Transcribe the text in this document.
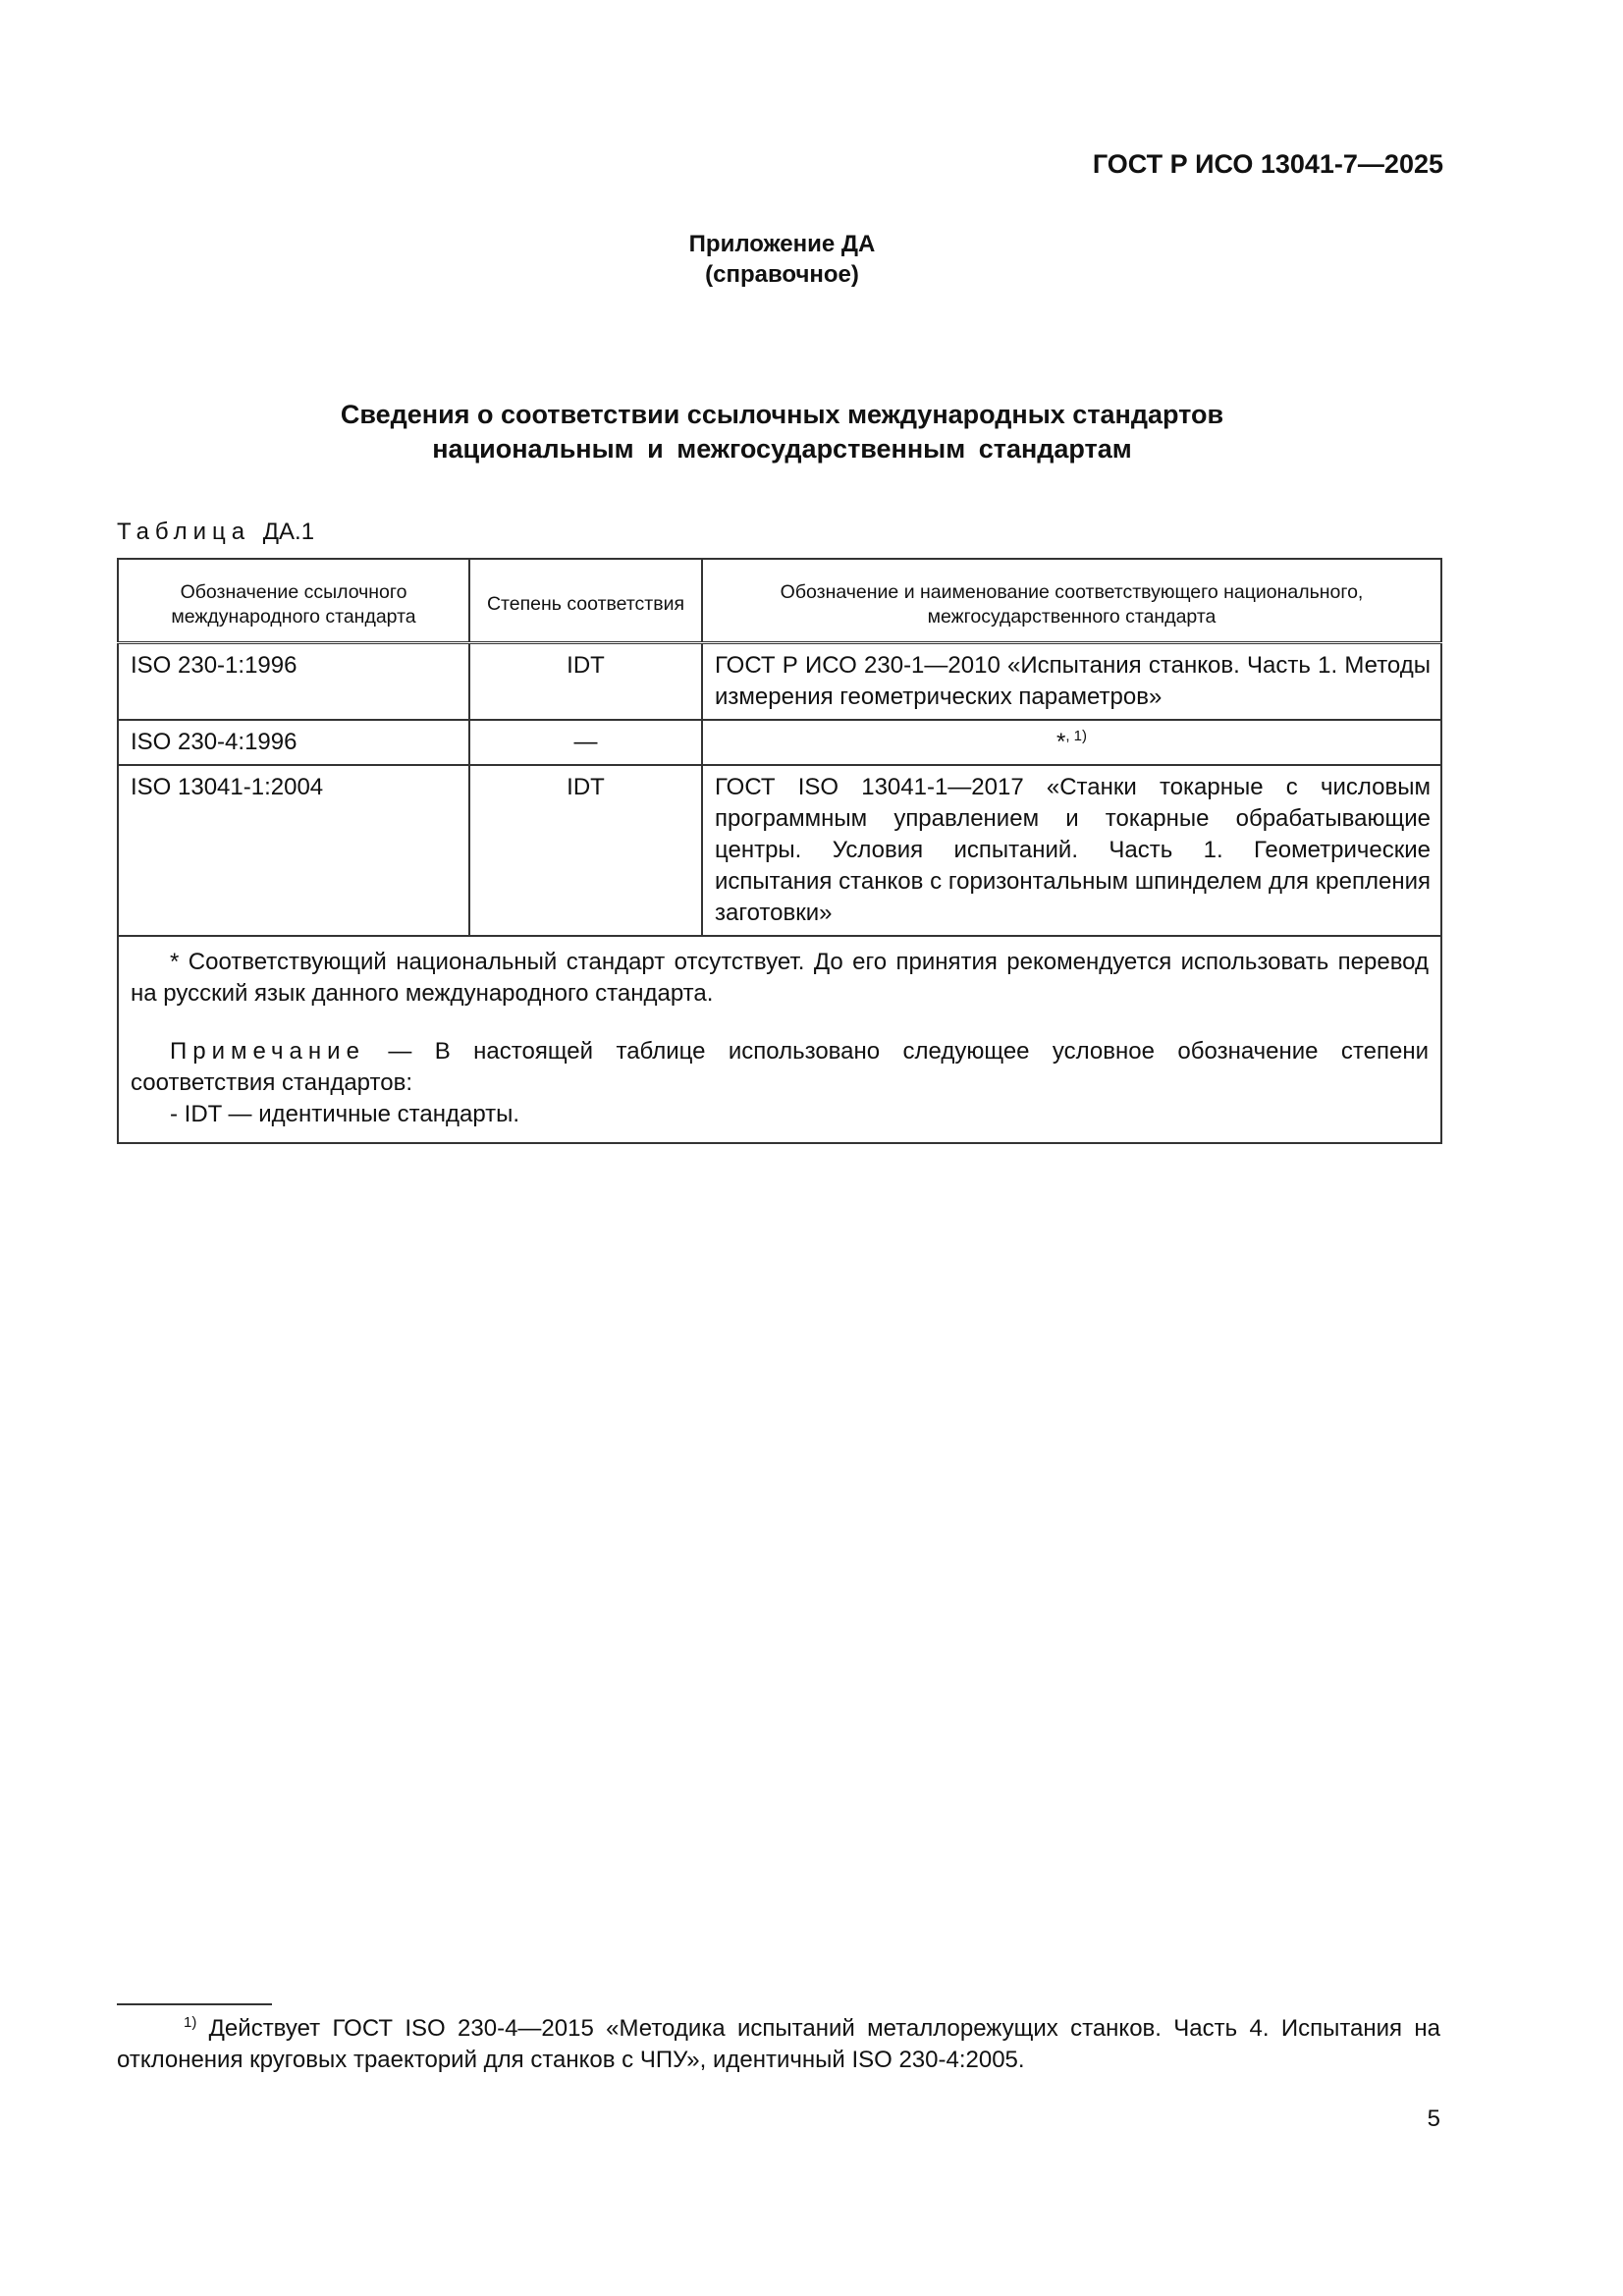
ГОСТ Р ИСО 13041-7—2025
Приложение ДА
(справочное)
Сведения о соответствии ссылочных международных стандартов
национальным и межгосударственным стандартам
Таблица ДА.1
Обозначение ссылочного международного стандарта	Степень соответствия	Обозначение и наименование соответствующего национального, межгосударственного стандарта
ISO 230-1:1996	IDT	ГОСТ Р ИСО 230-1—2010 «Испытания станков. Часть 1. Методы измерения геометрических параметров»
ISO 230-4:1996	—	*$^{, 1)}$
ISO 13041-1:2004	IDT	ГОСТ ISO 13041-1—2017 «Станки токарные с числовым программным управлением и токарные обрабатывающие центры. Условия испытаний. Часть 1. Геометрические испытания станков с горизонтальным шпинделем для крепления заготовки»

* Соответствующий национальный стандарт отсутствует. До его принятия рекомендуется использовать перевод на русский язык данного международного стандарта.

Примечание — В настоящей таблице использовано следующее условное обозначение степени соответствия стандартов:

- IDT — идентичные стандарты.		

$^{1)}$ Действует ГОСТ ISO 230-4—2015 «Методика испытаний металлорежущих станков. Часть 4. Испытания на отклонения круговых траекторий для станков с ЧПУ», идентичный ISO 230-4:2005.
5
